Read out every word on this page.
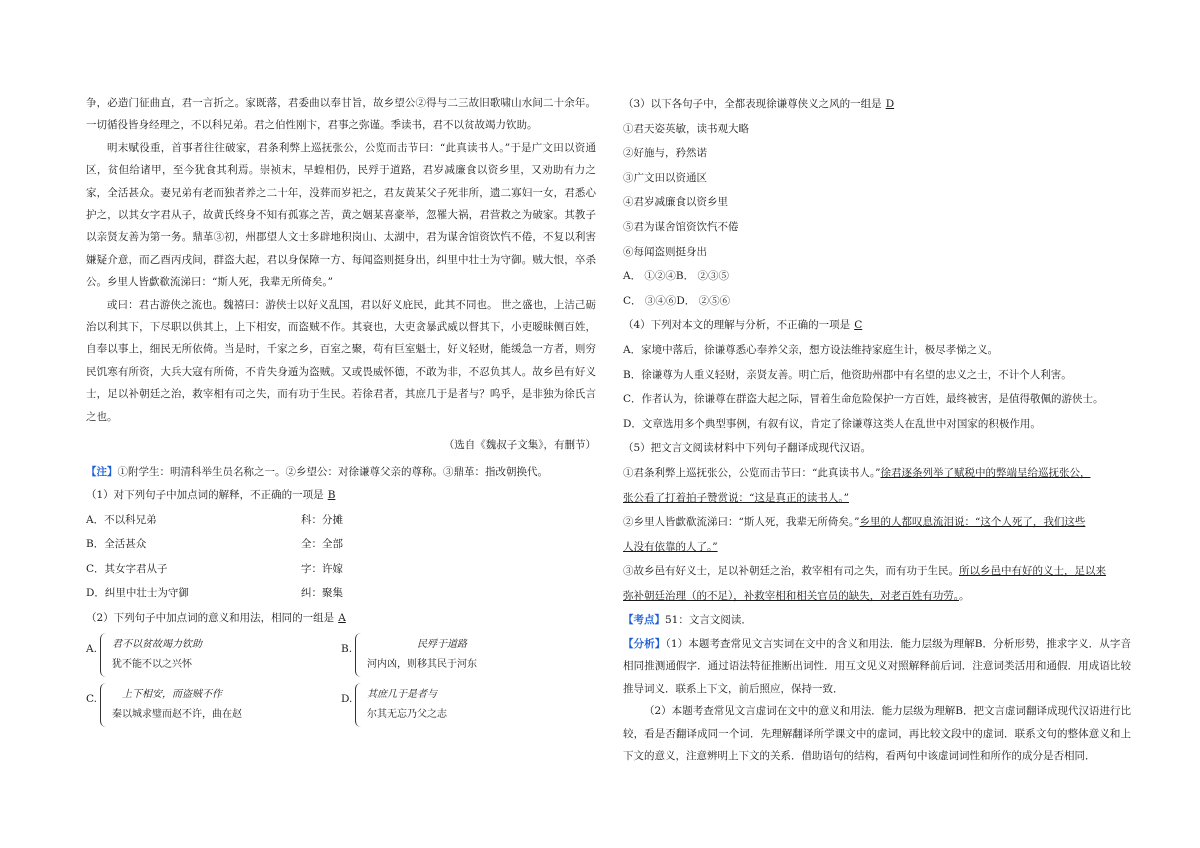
争，必造门征曲直，君一言折之。家既落，君委曲以奉甘旨，故乡望公②得与二三故旧歌啸山水间二十余年。一切循役皆身经理之，不以科兄弟。君之伯性刚卞，君事之弥谨。季读书，君不以贫故竭力钦助。

明末赋役重，首事者往往破家，君条利弊上巡抚张公，公览而击节曰：“此真读书人。”于是广文田以资通区，贫但给诸甲，至今犹食其利焉。崇祯末，旱蝗相仍，民殍于道路，君岁减廉食以资乡里，又劝助有力之家，全活甚众。妻兄弟有老而独者养之二十年，没葬而岁祀之，君友黄某父子死非所，遗二寡妇一女，君悉心护之，以其女字君从子，故黄氏终身不知有孤寡之苦，黄之姻某喜豪举，忽罹大祸，君营救之为破家。其教子以亲贤友善为第一务。鼎革③初，州郡望人文士多辟地积岗山、太湖中，君为谋舍馆资饮忾不倦，不复以利害嫌疑介意，而乙酉丙戌间，群盗大起，君以身保障一方、每闻盗则挺身出，纠里中壮士为守御。贼大恨，卒杀公。乡里人皆歔欷流涕曰：“斯人死，我辈无所倚矣。”

或曰：君古游侠之流也。魏禧曰：游侠士以好义乱国，君以好义庇民，此其不同也。 世之盛也，上洁己砺治以利其下，下尽职以供其上，上下相安，而盗贼不作。其衰也，大吏贪暴武威以督其下，小吏暧昧侧百姓，自奉以事上，细民无所依倚。当是时，千家之乡，百室之聚，苟有巨室魁士，好义轻财，能缓急一方者，则穷民饥寒有所资，大兵大寇有所倚，不肯失身遁为盗贼。又或畏威怀德，不敢为非，不忍负其人。故乡邑有好义士，足以补朝廷之治，救宰相有司之失，而有功于生民。若徐君者，其庶几于是者与？呜乎，是非独为徐氏言之也。

（选自《魏叔子文集》，有删节）
【注】①附学生：明清科举生员名称之一。②乡望公：对徐谦尊父亲的尊称。③鼎革：指改朝换代。
（1）对下列句子中加点词的解释，不正确的一项是 B
A．不以科兄弟	科：分摊
B．全活甚众	全：全部
C．其女字君从子	字：许嫁
D．纠里中壮士为守御	纠：聚集
（2）下列句子中加点词的意义和用法，相同的一组是 A
A.	君不以贫故竭力钦助
犹不能不以之兴怀
B.	民殍于道路
河内凶，则移其民于河东
C.	上下相安，而盗贼不作
秦以城求璧而赵不许，曲在赵
D. 其庶几于是者与
尔其无忘乃父之志
（3）以下各句子中，全都表现徐谦尊侠义之风的一组是 D
①君天姿英敏，读书观大略
②好施与，矜然诺
③广文田以资通区
④君岁减廉食以资乡里
⑤君为谋舍馆资饮忾不倦
⑥每闻盗则挺身出
A． ①②④B． ②③⑤
C． ③④⑥D． ②⑤⑥
（4）下列对本文的理解与分析，不正确的一项是 C
A．家境中落后，徐谦尊悉心奉养父亲，想方设法维持家庭生计，极尽孝悌之义。
B．徐谦尊为人重义轻财，亲贤友善。明亡后，他资助州郡中有名望的忠义之士，不计个人利害。
C．作者认为，徐谦尊在群盗大起之际，冒着生命危险保护一方百姓，最终被害，是值得敬佩的游侠士。
D．文章选用多个典型事例，有叙有议，肯定了徐谦尊这类人在乱世中对国家的积极作用。
（5）把文言文阅读材料中下列句子翻译成现代汉语。
①君条利弊上巡抚张公，公览而击节曰：“此真读书人。”徐君逐条列举了赋税中的弊端呈给巡抚张公，
张公看了打着拍子赞赏说：“这是真正的读书人。”
②乡里人皆歔欷流涕曰：“斯人死，我辈无所倚矣。”乡里的人都叹息流泪说：“这个人死了，我们这些
人没有依靠的人了。”
③故乡邑有好义士，足以补朝廷之治，救宰相有司之失，而有功于生民。所以乡邑中有好的义士，足以来
弥补朝廷治理（的不足），补救宰相和相关官员的缺失，对老百姓有功劳。。
【考点】51：文言文阅读．

【分析】（1）本题考查常见文言实词在文中的含义和用法．能力层级为理解B．分析形势，推求字义．从字音相同推测通假字．通过语法特征推断出词性．用互文见义对照解释前后词．注意词类活用和通假．用成语比较推导词义．联系上下文，前后照应，保持一致．

（2）本题考查常见文言虚词在文中的意义和用法．能力层级为理解B．把文言虚词翻译成现代汉语进行比较，看是否翻译成同一个词．先理解翻译所学课文中的虚词，再比较文段中的虚词．联系文句的整体意义和上下文的意义，注意辨明上下文的关系．借助语句的结构，看两句中该虚词词性和所作的成分是否相同．
